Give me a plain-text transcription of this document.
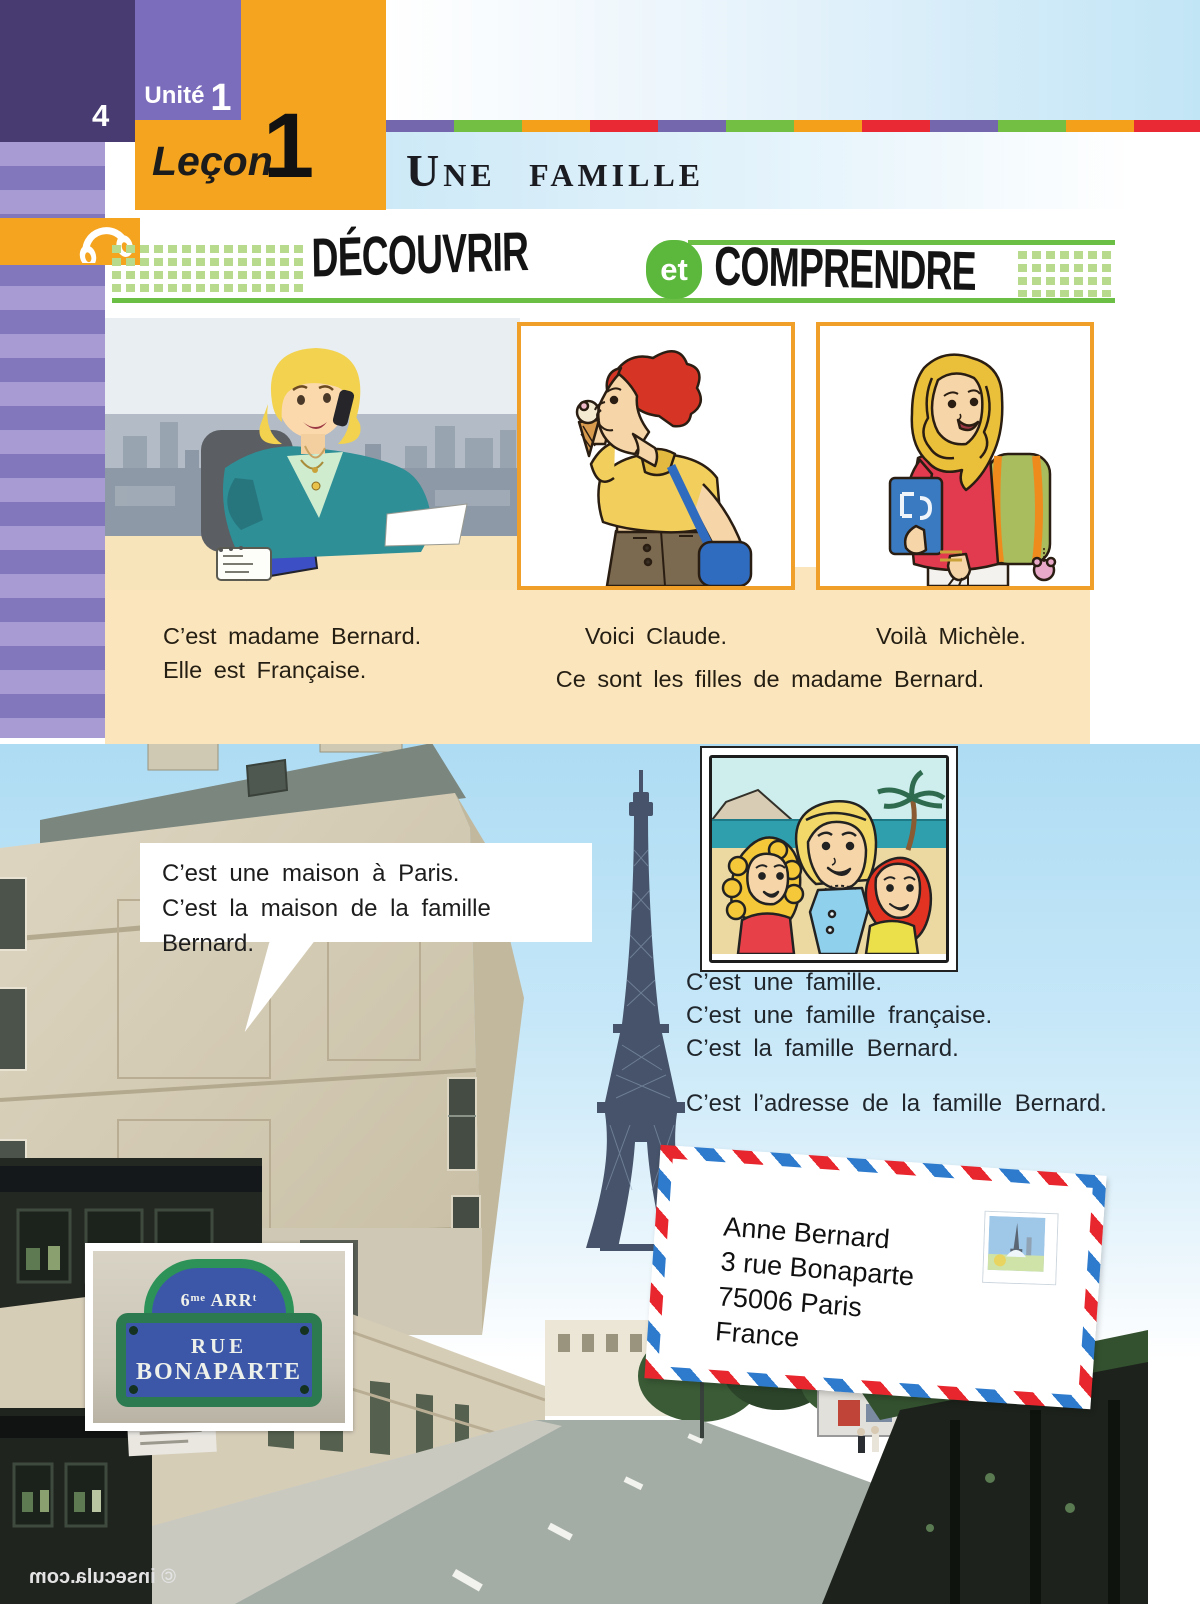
4
Unité 1
Leçon
1 Une famille
DÉCOUVRIR	et COMPRENDRE
C’est madame Bernard.
Elle est Française.
Voici Claude.	Voilà Michèle.
Ce sont les filles de madame Bernard.
C’est une maison à Paris.
C’est la maison de la famille Bernard.
C’est une famille.
C’est une famille française.
C’est la famille Bernard.
C’est l’adresse de la famille Bernard.
Anne Bernard
3 rue Bonaparte
75006 Paris
France
6ᵐᵉ ARRᵗ
RUE
BONAPARTE
© insecula.com
